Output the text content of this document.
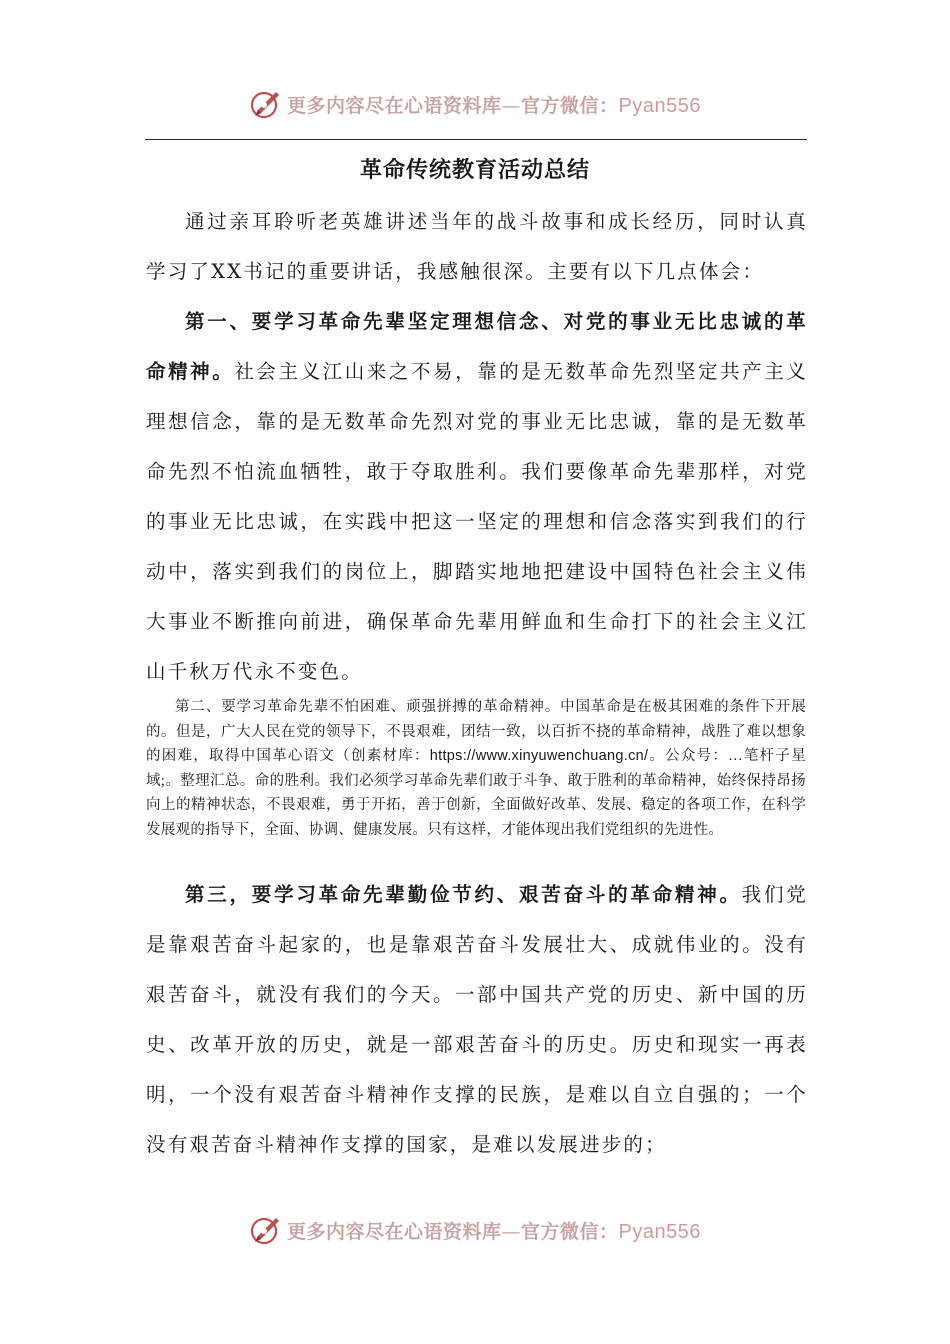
更多内容尽在心语资料库—官方微信：Pyan556
革命传统教育活动总结

通过亲耳聆听老英雄讲述当年的战斗故事和成长经历，同时认真学习了XX书记的重要讲话，我感触很深。主要有以下几点体会：

第一、要学习革命先辈坚定理想信念、对党的事业无比忠诚的革命精神。社会主义江山来之不易，靠的是无数革命先烈坚定共产主义理想信念，靠的是无数革命先烈对党的事业无比忠诚，靠的是无数革命先烈不怕流血牺牲，敢于夺取胜利。我们要像革命先辈那样，对党的事业无比忠诚，在实践中把这一坚定的理想和信念落实到我们的行动中，落实到我们的岗位上，脚踏实地地把建设中国特色社会主义伟大事业不断推向前进，确保革命先辈用鲜血和生命打下的社会主义江山千秋万代永不变色。

第二、要学习革命先辈不怕困难、顽强拼搏的革命精神。中国革命是在极其困难的条件下开展的。但是，广大人民在党的领导下，不畏艰难，团结一致，以百折不挠的革命精神，战胜了难以想象的困难，取得中国革心语文（创素材库：https://www.xinyuwenchuang.cn/。公众号：…笔杆子星域;。整理汇总。命的胜利。我们必须学习革命先辈们敢于斗争、敢于胜利的革命精神，始终保持昂扬向上的精神状态，不畏艰难，勇于开拓，善于创新，全面做好改革、发展、稳定的各项工作，在科学发展观的指导下，全面、协调、健康发展。只有这样，才能体现出我们党组织的先进性。

第三，要学习革命先辈勤俭节约、艰苦奋斗的革命精神。我们党是靠艰苦奋斗起家的，也是靠艰苦奋斗发展壮大、成就伟业的。没有艰苦奋斗，就没有我们的今天。一部中国共产党的历史、新中国的历史、改革开放的历史，就是一部艰苦奋斗的历史。历史和现实一再表明，一个没有艰苦奋斗精神作支撑的民族，是难以自立自强的；一个没有艰苦奋斗精神作支撑的国家，是难以发展进步的；

更多内容尽在心语资料库—官方微信：Pyan556
